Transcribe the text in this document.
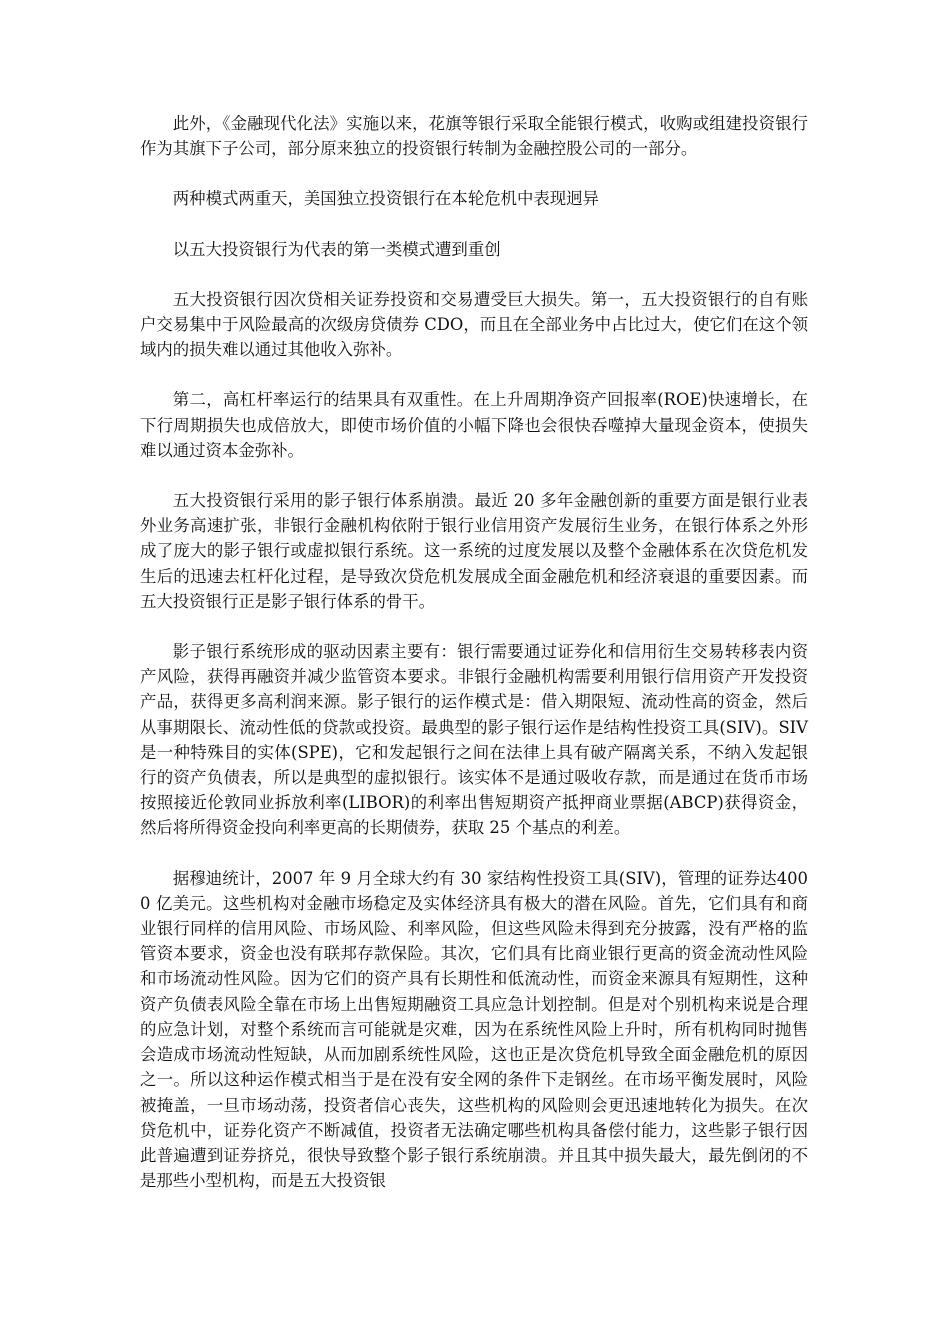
此外，《金融现代化法》实施以来，花旗等银行采取全能银行模式，收购或组建投资银行作为其旗下子公司，部分原来独立的投资银行转制为金融控股公司的一部分。

两种模式两重天，美国独立投资银行在本轮危机中表现迥异

以五大投资银行为代表的第一类模式遭到重创

五大投资银行因次贷相关证券投资和交易遭受巨大损失。第一，五大投资银行的自有账户交易集中于风险最高的次级房贷债券 CDO，而且在全部业务中占比过大，使它们在这个领域内的损失难以通过其他收入弥补。

第二，高杠杆率运行的结果具有双重性。在上升周期净资产回报率(ROE)快速增长，在下行周期损失也成倍放大，即使市场价值的小幅下降也会很快吞噬掉大量现金资本，使损失难以通过资本金弥补。

五大投资银行采用的影子银行体系崩溃。最近 20 多年金融创新的重要方面是银行业表外业务高速扩张，非银行金融机构依附于银行业信用资产发展衍生业务，在银行体系之外形成了庞大的影子银行或虚拟银行系统。这一系统的过度发展以及整个金融体系在次贷危机发生后的迅速去杠杆化过程，是导致次贷危机发展成全面金融危机和经济衰退的重要因素。而五大投资银行正是影子银行体系的骨干。

影子银行系统形成的驱动因素主要有：银行需要通过证券化和信用衍生交易转移表内资产风险，获得再融资并减少监管资本要求。非银行金融机构需要利用银行信用资产开发投资产品，获得更多高利润来源。影子银行的运作模式是：借入期限短、流动性高的资金，然后从事期限长、流动性低的贷款或投资。最典型的影子银行运作是结构性投资工具(SIV)。SIV 是一种特殊目的实体(SPE)，它和发起银行之间在法律上具有破产隔离关系，不纳入发起银行的资产负债表，所以是典型的虚拟银行。该实体不是通过吸收存款，而是通过在货币市场按照接近伦敦同业拆放利率(LIBOR)的利率出售短期资产抵押商业票据(ABCP)获得资金，然后将所得资金投向利率更高的长期债券，获取 25 个基点的利差。

据穆迪统计，2007 年 9 月全球大约有 30 家结构性投资工具(SIV)，管理的证券达4000 亿美元。这些机构对金融市场稳定及实体经济具有极大的潜在风险。首先，它们具有和商业银行同样的信用风险、市场风险、利率风险，但这些风险未得到充分披露，没有严格的监管资本要求，资金也没有联邦存款保险。其次，它们具有比商业银行更高的资金流动性风险和市场流动性风险。因为它们的资产具有长期性和低流动性，而资金来源具有短期性，这种资产负债表风险全靠在市场上出售短期融资工具应急计划控制。但是对个别机构来说是合理的应急计划，对整个系统而言可能就是灾难，因为在系统性风险上升时，所有机构同时抛售会造成市场流动性短缺，从而加剧系统性风险，这也正是次贷危机导致全面金融危机的原因之一。所以这种运作模式相当于是在没有安全网的条件下走钢丝。在市场平衡发展时，风险被掩盖，一旦市场动荡，投资者信心丧失，这些机构的风险则会更迅速地转化为损失。在次贷危机中，证券化资产不断减值，投资者无法确定哪些机构具备偿付能力，这些影子银行因此普遍遭到证券挤兑，很快导致整个影子银行系统崩溃。并且其中损失最大，最先倒闭的不是那些小型机构，而是五大投资银
